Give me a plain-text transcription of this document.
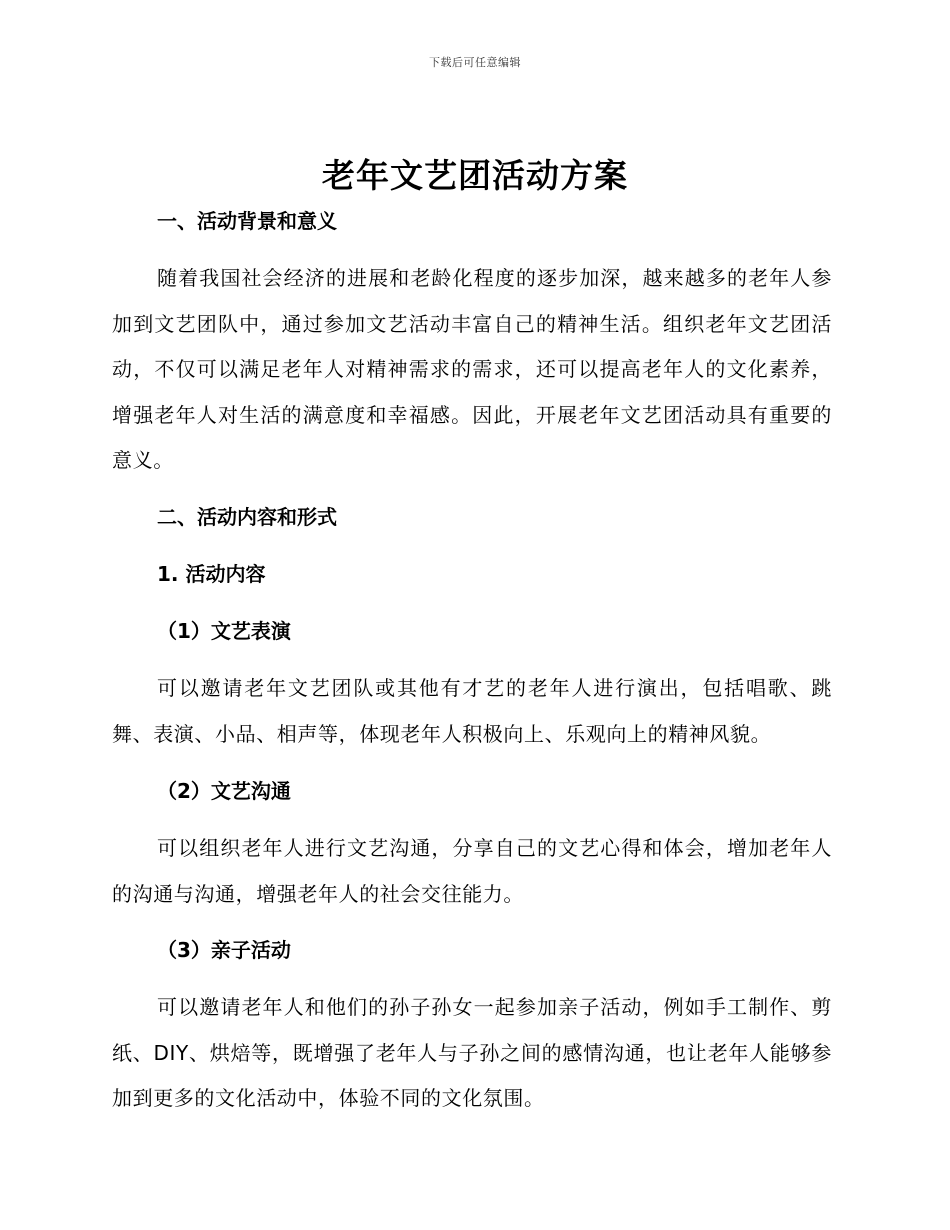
下载后可任意编辑
老年文艺团活动方案
一、活动背景和意义
随着我国社会经济的进展和老龄化程度的逐步加深，越来越多的老年人参加到文艺团队中，通过参加文艺活动丰富自己的精神生活。组织老年文艺团活动，不仅可以满足老年人对精神需求的需求，还可以提高老年人的文化素养，增强老年人对生活的满意度和幸福感。因此，开展老年文艺团活动具有重要的意义。
二、活动内容和形式
1. 活动内容
（1）文艺表演
可以邀请老年文艺团队或其他有才艺的老年人进行演出，包括唱歌、跳舞、表演、小品、相声等，体现老年人积极向上、乐观向上的精神风貌。
（2）文艺沟通
可以组织老年人进行文艺沟通，分享自己的文艺心得和体会，增加老年人的沟通与沟通，增强老年人的社会交往能力。
（3）亲子活动
可以邀请老年人和他们的孙子孙女一起参加亲子活动，例如手工制作、剪纸、DIY、烘焙等，既增强了老年人与子孙之间的感情沟通，也让老年人能够参加到更多的文化活动中，体验不同的文化氛围。
